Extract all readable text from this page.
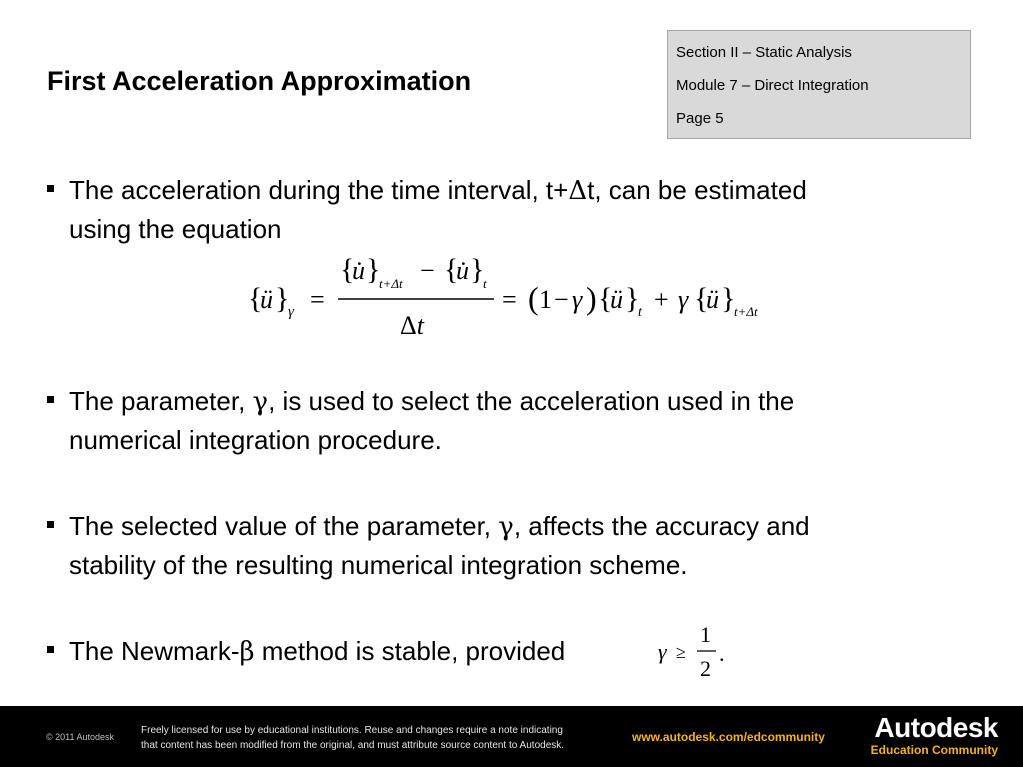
First Acceleration Approximation
Section II – Static Analysis
Module 7 – Direct Integration
Page 5
The acceleration during the time interval, t+Δt, can be estimated
using the equation
{
ü }
γ =
{
u̇ }
t+Δt − {
u̇ }
t
Δt
= ( 1 − γ ) {
ü }
t + γ {
ü }
t+Δt
The parameter, γ, is used to select the acceleration used in the
numerical integration procedure.
The selected value of the parameter, γ, affects the accuracy and
stability of the resulting numerical integration scheme.
The Newmark-β method is stable, provided	γ ≥
1
2
.
© 2011 Autodesk
Freely licensed for use by educational institutions. Reuse and changes require a note indicating
that content has been modified from the original, and must attribute source content to Autodesk.
www.autodesk.com/edcommunity Autodesk
Education Community
